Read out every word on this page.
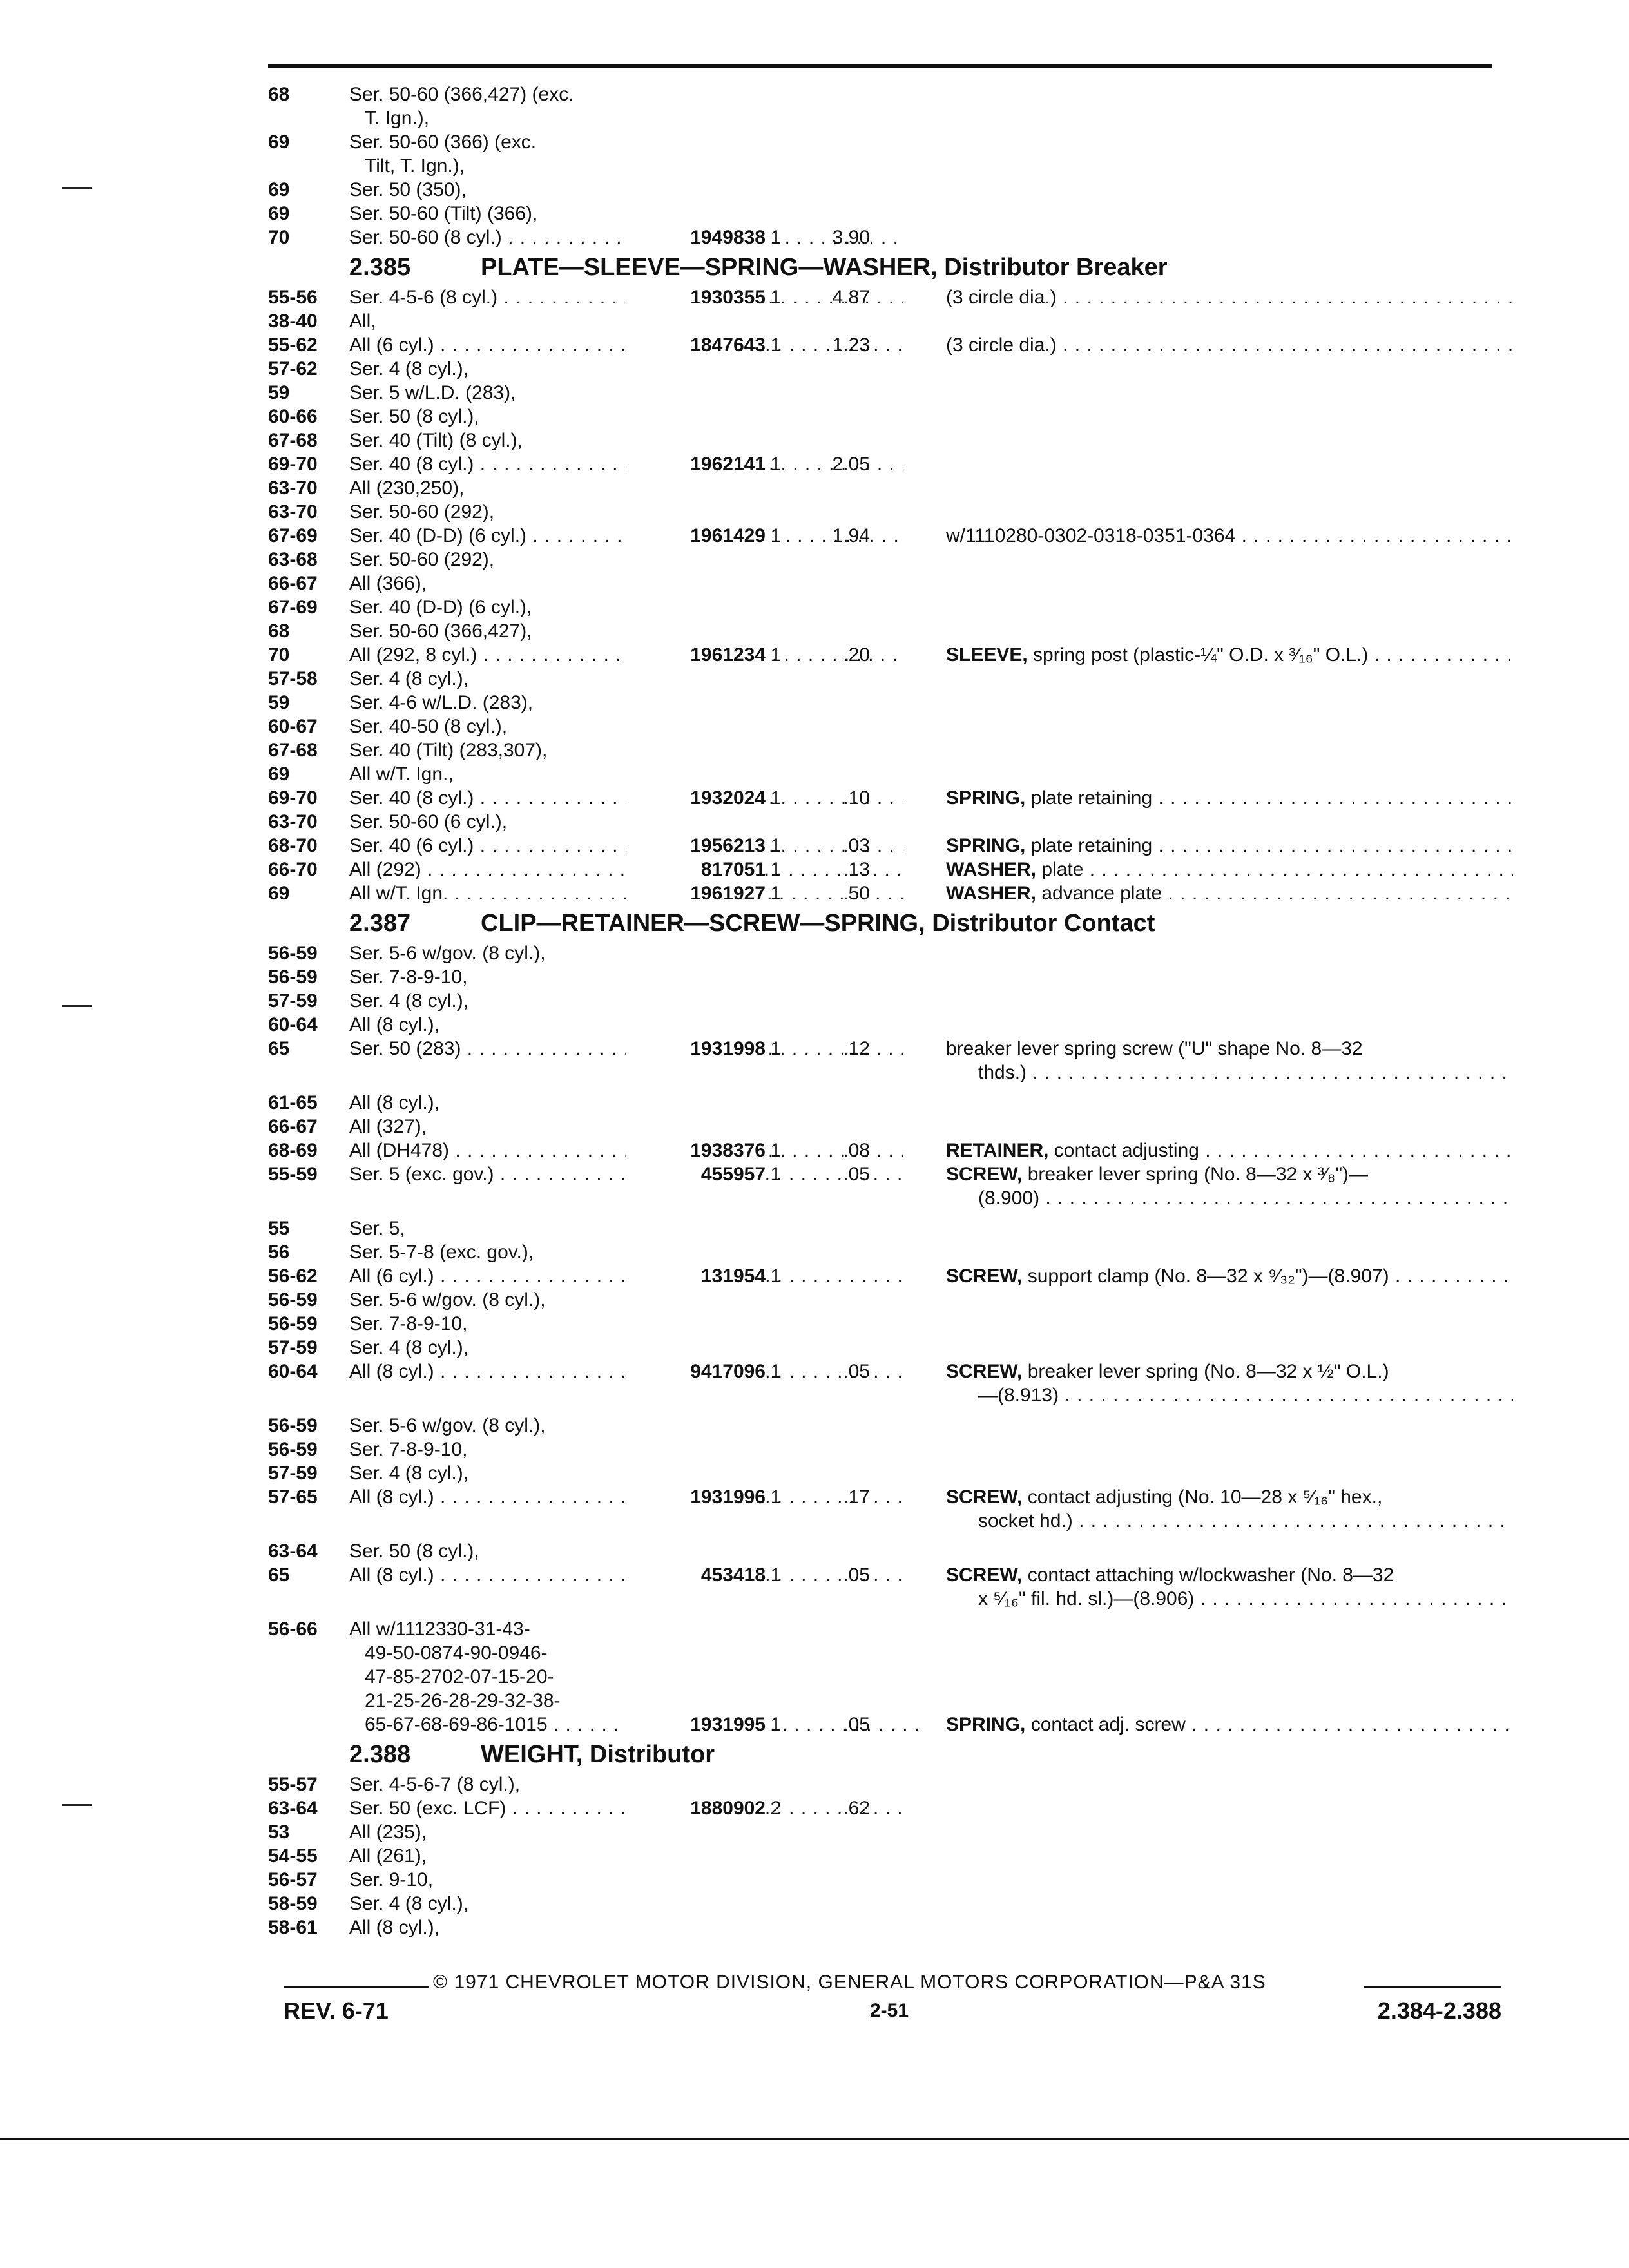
68	Ser. 50-60 (366,427) (exc.
T. Ign.),
69	Ser. 50-60 (366) (exc.
Tilt, T. Ign.),
69	Ser. 50 (350),
69	Ser. 50-60 (Tilt) (366),
70	Ser. 50-60 (8 cyl.) . . .	1949838 1	3.90
2.385	PLATE—SLEEVE—SPRING—WASHER, Distributor Breaker
55-56	Ser. 4-5-6 (8 cyl.) . . .	1930355 1	4.87	(3 circle dia.) . . .
38-40	All,
55-62	All (6 cyl.) . . .	1847643 1	1.23	(3 circle dia.) . . .
57-62	Ser. 4 (8 cyl.),
59	Ser. 5 w/L.D. (283),
60-66	Ser. 50 (8 cyl.),
67-68	Ser. 40 (Tilt) (8 cyl.),
69-70	Ser. 40 (8 cyl.) . . .	1962141 1	2.05
63-70	All (230,250),
63-70	Ser. 50-60 (292),
67-69	Ser. 40 (D-D) (6 cyl.) . . .	1961429 1	1.94	w/1110280-0302-0318-0351-0364 . . .
63-68	Ser. 50-60 (292),
66-67	All (366),
67-69	Ser. 40 (D-D) (6 cyl.),
68	Ser. 50-60 (366,427),
70	All (292, 8 cyl.) . . .	1961234 1	.20	SLEEVE, spring post (plastic-¼" O.D. x ³⁄₁₆" O.L.) . . .
57-58	Ser. 4 (8 cyl.),
59	Ser. 4-6 w/L.D. (283),
60-67	Ser. 40-50 (8 cyl.),
67-68	Ser. 40 (Tilt) (283,307),
69	All w/T. Ign.,
69-70	Ser. 40 (8 cyl.) . . .	1932024 1	.10	SPRING, plate retaining . . .
63-70	Ser. 50-60 (6 cyl.),
68-70	Ser. 40 (6 cyl.) . . .	1956213 1	.03	SPRING, plate retaining . . .
66-70	All (292) . . .	817051 1	.13	WASHER, plate . . .
69	All w/T. Ign. . . .	1961927 1	.50	WASHER, advance plate . . .
2.387	CLIP—RETAINER—SCREW—SPRING, Distributor Contact
56-59	Ser. 5-6 w/gov. (8 cyl.),
56-59	Ser. 7-8-9-10,
57-59	Ser. 4 (8 cyl.),
60-64	All (8 cyl.),
65	Ser. 50 (283) . . .	1931998 1	.12	breaker lever spring screw ("U" shape No. 8—32
thds.) . . .
61-65	All (8 cyl.),
66-67	All (327),
68-69	All (DH478) . . .	1938376 1	.08	RETAINER, contact adjusting . . .
55-59	Ser. 5 (exc. gov.) . . .	455957 1	.05	SCREW, breaker lever spring (No. 8—32 x ³⁄₈")—
(8.900) . . .
55	Ser. 5,
56	Ser. 5-7-8 (exc. gov.),
56-62	All (6 cyl.) . . .	131954 1	SCREW, support clamp (No. 8—32 x ⁹⁄₃₂")—(8.907) . . .
56-59	Ser. 5-6 w/gov. (8 cyl.),
56-59	Ser. 7-8-9-10,
57-59	Ser. 4 (8 cyl.),
60-64	All (8 cyl.) . . .	9417096 1	.05	SCREW, breaker lever spring (No. 8—32 x ½" O.L.)
—(8.913) . . .
56-59	Ser. 5-6 w/gov. (8 cyl.),
56-59	Ser. 7-8-9-10,
57-59	Ser. 4 (8 cyl.),
57-65	All (8 cyl.) . . .	1931996 1	.17	SCREW, contact adjusting (No. 10—28 x ⁵⁄₁₆" hex.,
socket hd.) . . .
63-64	Ser. 50 (8 cyl.),
65	All (8 cyl.) . . .	453418 1	.05	SCREW, contact attaching w/lockwasher (No. 8—32
x ⁵⁄₁₆" fil. hd. sl.)—(8.906) . . .
56-66	All w/1112330-31-43-
49-50-0874-90-0946-
47-85-2702-07-15-20-
21-25-26-28-29-32-38-
65-67-68-69-86-1015 . . .	1931995 1	.05	SPRING, contact adj. screw . . .
2.388	WEIGHT, Distributor
55-57	Ser. 4-5-6-7 (8 cyl.),
63-64	Ser. 50 (exc. LCF) . . .	1880902 2	.62
53	All (235),
54-55	All (261),
56-57	Ser. 9-10,
58-59	Ser. 4 (8 cyl.),
58-61	All (8 cyl.),
© 1971 CHEVROLET MOTOR DIVISION, GENERAL MOTORS CORPORATION—P&A 31S
REV. 6-71	2-51	2.384-2.388
